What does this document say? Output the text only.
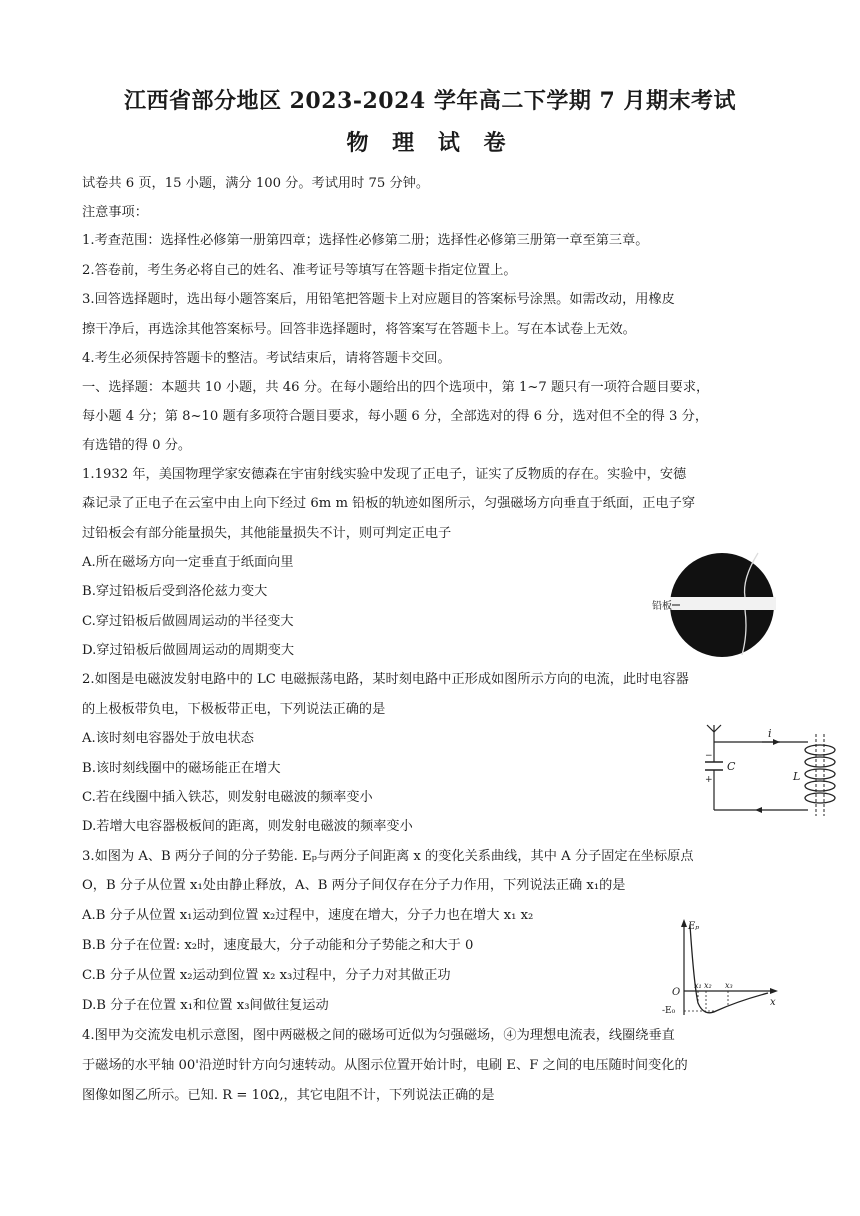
江西省部分地区 2023-2024 学年高二下学期 7 月期末考试
物 理 试 卷
试卷共 6 页，15 小题，满分 100 分。考试用时 75 分钟。
注意事项：
1.考查范围：选择性必修第一册第四章；选择性必修第二册；选择性必修第三册第一章至第三章。
2.答卷前，考生务必将自己的姓名、准考证号等填写在答题卡指定位置上。
3.回答选择题时，选出每小题答案后，用铅笔把答题卡上对应题目的答案标号涂黑。如需改动，用橡皮
擦干净后，再选涂其他答案标号。回答非选择题时，将答案写在答题卡上。写在本试卷上无效。
4.考生必须保持答题卡的整洁。考试结束后，请将答题卡交回。
一、选择题：本题共 10 小题，共 46 分。在每小题给出的四个选项中，第 1~7 题只有一项符合题目要求，
每小题 4 分；第 8~10 题有多项符合题目要求，每小题 6 分，全部选对的得 6 分，选对但不全的得 3 分，
有选错的得 0 分。
1.1932 年，美国物理学家安德森在宇宙射线实验中发现了正电子，证实了反物质的存在。实验中，安德
森记录了正电子在云室中由上向下经过 6m m 铅板的轨迹如图所示，匀强磁场方向垂直于纸面，正电子穿
过铅板会有部分能量损失，其他能量损失不计，则可判定正电子
A.所在磁场方向一定垂直于纸面向里
B.穿过铅板后受到洛伦兹力变大
C.穿过铅板后做圆周运动的半径变大
D.穿过铅板后做圆周运动的周期变大
2.如图是电磁波发射电路中的 LC 电磁振荡电路，某时刻电路中正形成如图所示方向的电流，此时电容器
的上极板带负电，下极板带正电，下列说法正确的是
A.该时刻电容器处于放电状态
B.该时刻线圈中的磁场能正在增大
C.若在线圈中插入铁芯，则发射电磁波的频率变小
D.若增大电容器极板间的距离，则发射电磁波的频率变小
3.如图为 A、B 两分子间的分子势能. Eₚ与两分子间距离 x 的变化关系曲线，其中 A 分子固定在坐标原点
O，B 分子从位置 x₁处由静止释放，A、B 两分子间仅存在分子力作用，下列说法正确 x₁的是
A.B 分子从位置 x₁运动到位置 x₂过程中，速度在增大，分子力也在增大 x₁ x₂
B.B 分子在位置: x₂时，速度最大，分子动能和分子势能之和大于 0
C.B 分子从位置 x₂运动到位置 x₂ x₃过程中，分子力对其做正功
D.B 分子在位置 x₁和位置 x₃间做往复运动
4.图甲为交流发电机示意图，图中两磁极之间的磁场可近似为匀强磁场，④为理想电流表，线圈绕垂直
于磁场的水平轴 00'沿逆时针方向匀速转动。从图示位置开始计时，电刷 E、F 之间的电压随时间变化的
图像如图乙所示。已知. R = 10Ω,，其它电阻不计，下列说法正确的是
铅板
C
−
+
i
L
Eₚ
x
O
-E₀
x₁ x₂ x₃
